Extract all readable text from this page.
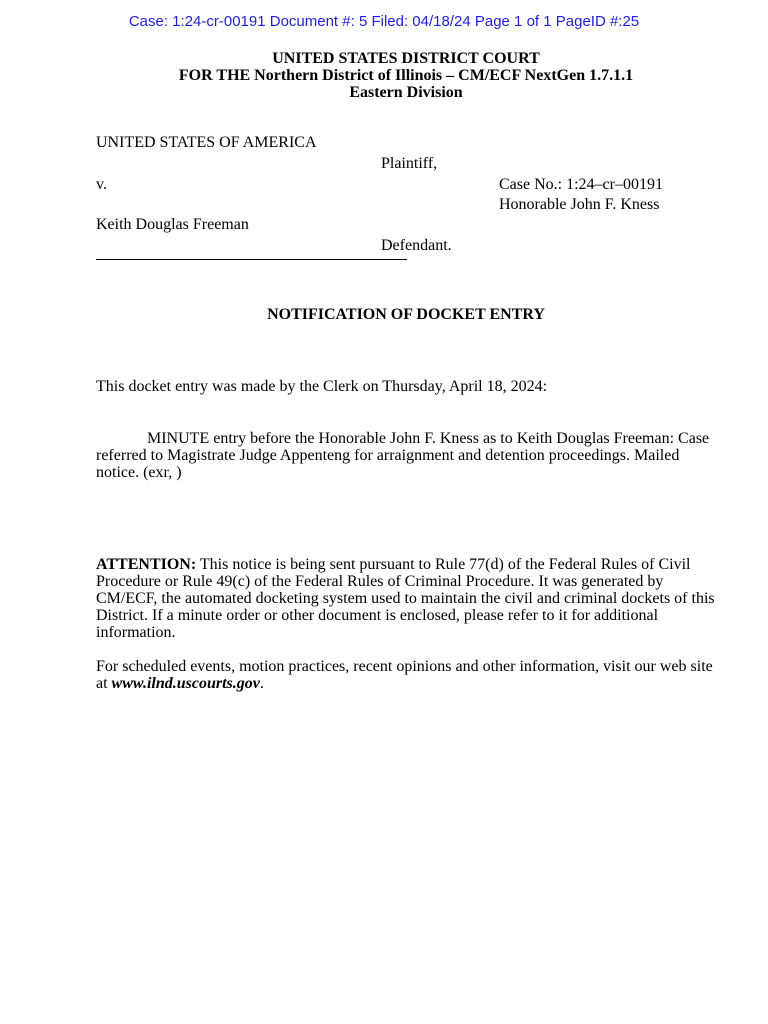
Case: 1:24-cr-00191 Document #: 5 Filed: 04/18/24 Page 1 of 1 PageID #:25
UNITED STATES DISTRICT COURT
FOR THE Northern District of Illinois – CM/ECF NextGen 1.7.1.1
Eastern Division
UNITED STATES OF AMERICA
Plaintiff,
v.	Case No.: 1:24–cr–00191
Honorable John F. Kness
Keith Douglas Freeman
Defendant.
NOTIFICATION OF DOCKET ENTRY
This docket entry was made by the Clerk on Thursday, April 18, 2024:
MINUTE entry before the Honorable John F. Kness as to Keith Douglas Freeman: Case referred to Magistrate Judge Appenteng for arraignment and detention proceedings. Mailed notice. (exr, )
ATTENTION: This notice is being sent pursuant to Rule 77(d) of the Federal Rules of Civil Procedure or Rule 49(c) of the Federal Rules of Criminal Procedure. It was generated by CM/ECF, the automated docketing system used to maintain the civil and criminal dockets of this District. If a minute order or other document is enclosed, please refer to it for additional information.
For scheduled events, motion practices, recent opinions and other information, visit our web site at www.ilnd.uscourts.gov.
